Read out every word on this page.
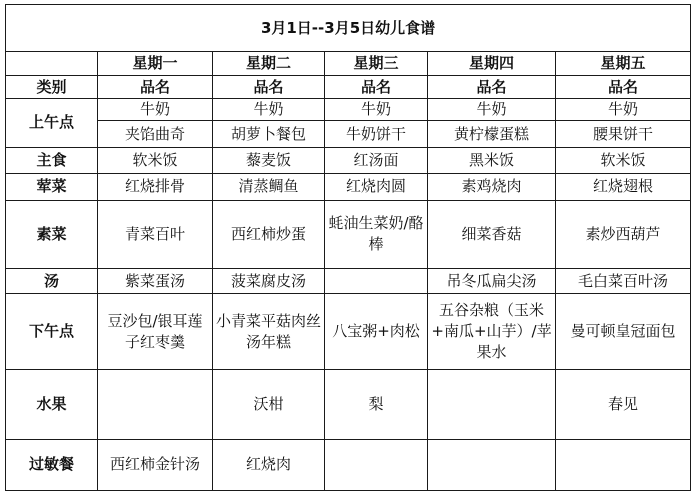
3月1日--3月5日幼儿食谱					
	星期一	星期二	星期三	星期四	星期五
类别	品名	品名	品名	品名	品名
上午点	牛奶	牛奶	牛奶	牛奶	牛奶
	夹馅曲奇	胡萝卜餐包	牛奶饼干	黄柠檬蛋糕	腰果饼干
主食	软米饭	藜麦饭	红汤面	黑米饭	软米饭
荤菜	红烧排骨	清蒸鲷鱼	红烧肉圆	素鸡烧肉	红烧翅根
素菜	青菜百叶	西红柿炒蛋	蚝油生菜奶/酪棒	细菜香菇	素炒西葫芦
汤	紫菜蛋汤	菠菜腐皮汤		吊冬瓜扁尖汤	毛白菜百叶汤
下午点	豆沙包/银耳莲子红枣羹	小青菜平菇肉丝汤年糕	八宝粥+肉松	五谷杂粮（玉米+南瓜+山芋）/苹果水	曼可顿皇冠面包
水果		沃柑	梨		春见
过敏餐	西红柿金针汤	红烧肉			
